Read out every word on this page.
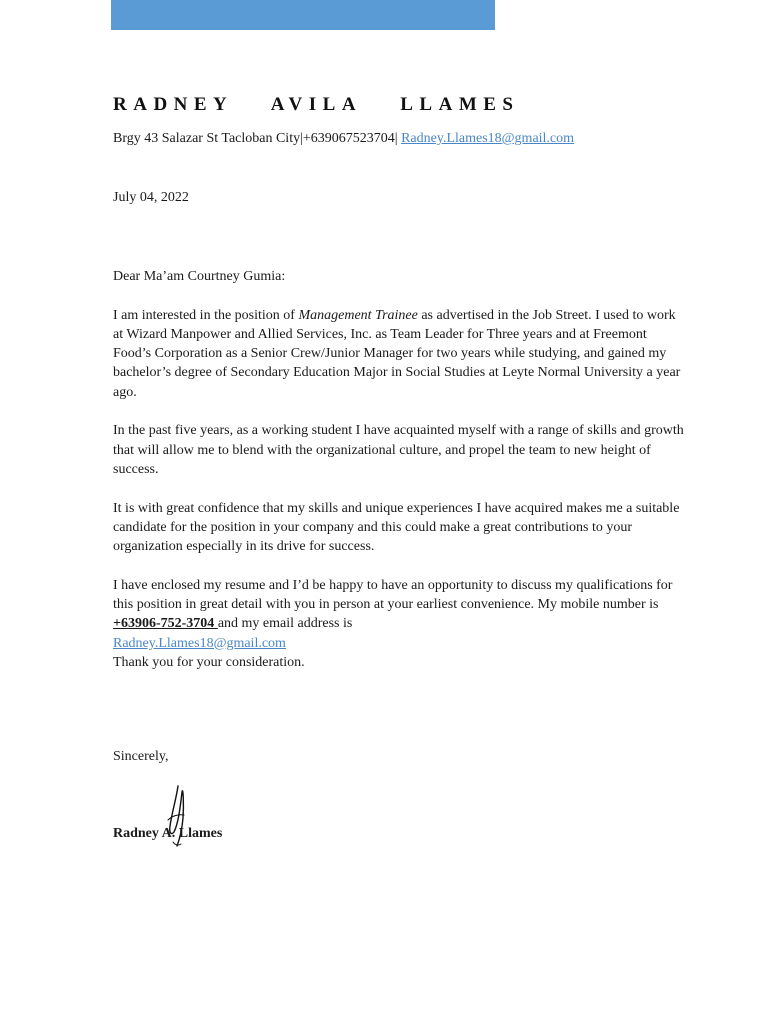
RADNEY AVILA LLAMES
Brgy 43 Salazar St Tacloban City|+639067523704| Radney.Llames18@gmail.com
July 04, 2022

Dear Ma’am Courtney Gumia:

I am interested in the position of Management Trainee as advertised in the Job Street. I used to work at Wizard Manpower and Allied Services, Inc. as Team Leader for Three years and at Freemont Food’s Corporation as a Senior Crew/Junior Manager for two years while studying, and gained my bachelor’s degree of Secondary Education Major in Social Studies at Leyte Normal University a year ago.

In the past five years, as a working student I have acquainted myself with a range of skills and growth that will allow me to blend with the organizational culture, and propel the team to new height of success.

It is with great confidence that my skills and unique experiences I have acquired makes me a suitable candidate for the position in your company and this could make a great contributions to your organization especially in its drive for success.

I have enclosed my resume and I’d be happy to have an opportunity to discuss my qualifications for this position in great detail with you in person at your earliest convenience. My mobile number is +63906-752-3704 and my email address is
Radney.Llames18@gmail.com
Thank you for your consideration.

Sincerely,
Radney A. Llames
